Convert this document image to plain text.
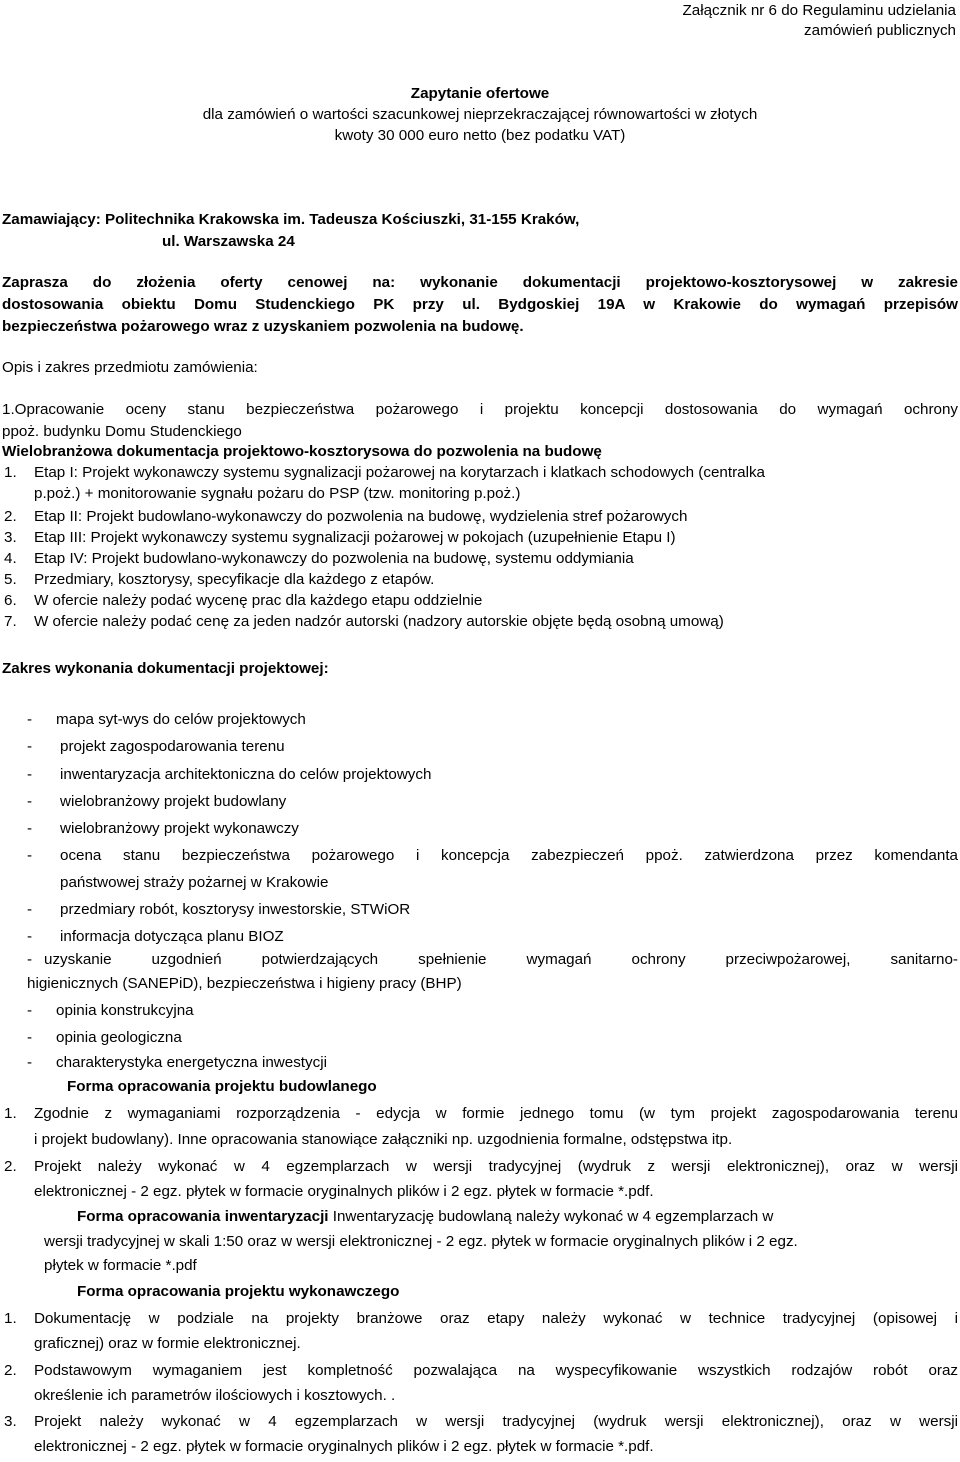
Załącznik nr 6 do Regulaminu udzielania
zamówień publicznych
Zapytanie ofertowe
dla zamówień o wartości szacunkowej nieprzekraczającej równowartości w złotych
kwoty 30 000 euro netto (bez podatku VAT)
Zamawiający: Politechnika Krakowska im. Tadeusza Kościuszki, 31-155 Kraków,
ul. Warszawska 24
Zaprasza do złożenia oferty cenowej na: wykonanie dokumentacji projektowo-kosztorysowej w zakresie
dostosowania obiektu Domu Studenckiego PK przy ul. Bydgoskiej 19A w Krakowie do wymagań przepisów
bezpieczeństwa pożarowego wraz z uzyskaniem pozwolenia na budowę.
Opis i zakres przedmiotu zamówienia:
1.Opracowanie oceny stanu bezpieczeństwa pożarowego i projektu koncepcji dostosowania do wymagań ochrony
ppoż. budynku Domu Studenckiego
Wielobranżowa dokumentacja projektowo-kosztorysowa do pozwolenia na budowę
1. Etap I: Projekt wykonawczy systemu sygnalizacji pożarowej na korytarzach i klatkach schodowych (centralka
p.poż.) + monitorowanie sygnału pożaru do PSP (tzw. monitoring p.poż.)
2. Etap II: Projekt budowlano-wykonawczy do pozwolenia na budowę, wydzielenia stref pożarowych
3. Etap III: Projekt wykonawczy systemu sygnalizacji pożarowej w pokojach (uzupełnienie Etapu I)
4. Etap IV: Projekt budowlano-wykonawczy do pozwolenia na budowę, systemu oddymiania
5. Przedmiary, kosztorysy, specyfikacje dla każdego z etapów.
6. W ofercie należy podać wycenę prac dla każdego etapu oddzielnie
7. W ofercie należy podać cenę za jeden nadzór autorski (nadzory autorskie objęte będą osobną umową)
Zakres wykonania dokumentacji projektowej:
- mapa syt-wys do celów projektowych
- projekt zagospodarowania terenu
- inwentaryzacja architektoniczna do celów projektowych
- wielobranżowy projekt budowlany
- wielobranżowy projekt wykonawczy
- ocena stanu bezpieczeństwa pożarowego i koncepcja zabezpieczeń ppoż. zatwierdzona przez komendanta
państwowej straży pożarnej w Krakowie
- przedmiary robót, kosztorysy inwestorskie, STWiOR
- informacja dotycząca planu BIOZ
- uzyskanie uzgodnień potwierdzających spełnienie wymagań ochrony przeciwpożarowej, sanitarno-
higienicznych (SANEPiD), bezpieczeństwa i higieny pracy (BHP)
- opinia konstrukcyjna
- opinia geologiczna
- charakterystyka energetyczna inwestycji
Forma opracowania projektu budowlanego
1. Zgodnie z wymaganiami rozporządzenia - edycja w formie jednego tomu (w tym projekt zagospodarowania terenu
i projekt budowlany). Inne opracowania stanowiące załączniki np. uzgodnienia formalne, odstępstwa itp.
2. Projekt należy wykonać w 4 egzemplarzach w wersji tradycyjnej (wydruk z wersji elektronicznej), oraz w wersji
elektronicznej - 2 egz. płytek w formacie oryginalnych plików i 2 egz. płytek w formacie *.pdf.
Forma opracowania inwentaryzacji Inwentaryzację budowlaną należy wykonać w 4 egzemplarzach w
wersji tradycyjnej w skali 1:50 oraz w wersji elektronicznej - 2 egz. płytek w formacie oryginalnych plików i 2 egz.
płytek w formacie *.pdf
Forma opracowania projektu wykonawczego
1. Dokumentację w podziale na projekty branżowe oraz etapy należy wykonać w technice tradycyjnej (opisowej i
graficznej) oraz w formie elektronicznej.
2. Podstawowym wymaganiem jest kompletność pozwalająca na wyspecyfikowanie wszystkich rodzajów robót oraz
określenie ich parametrów ilościowych i kosztowych. .
3. Projekt należy wykonać w 4 egzemplarzach w wersji tradycyjnej (wydruk wersji elektronicznej), oraz w wersji
elektronicznej - 2 egz. płytek w formacie oryginalnych plików i 2 egz. płytek w formacie *.pdf.
